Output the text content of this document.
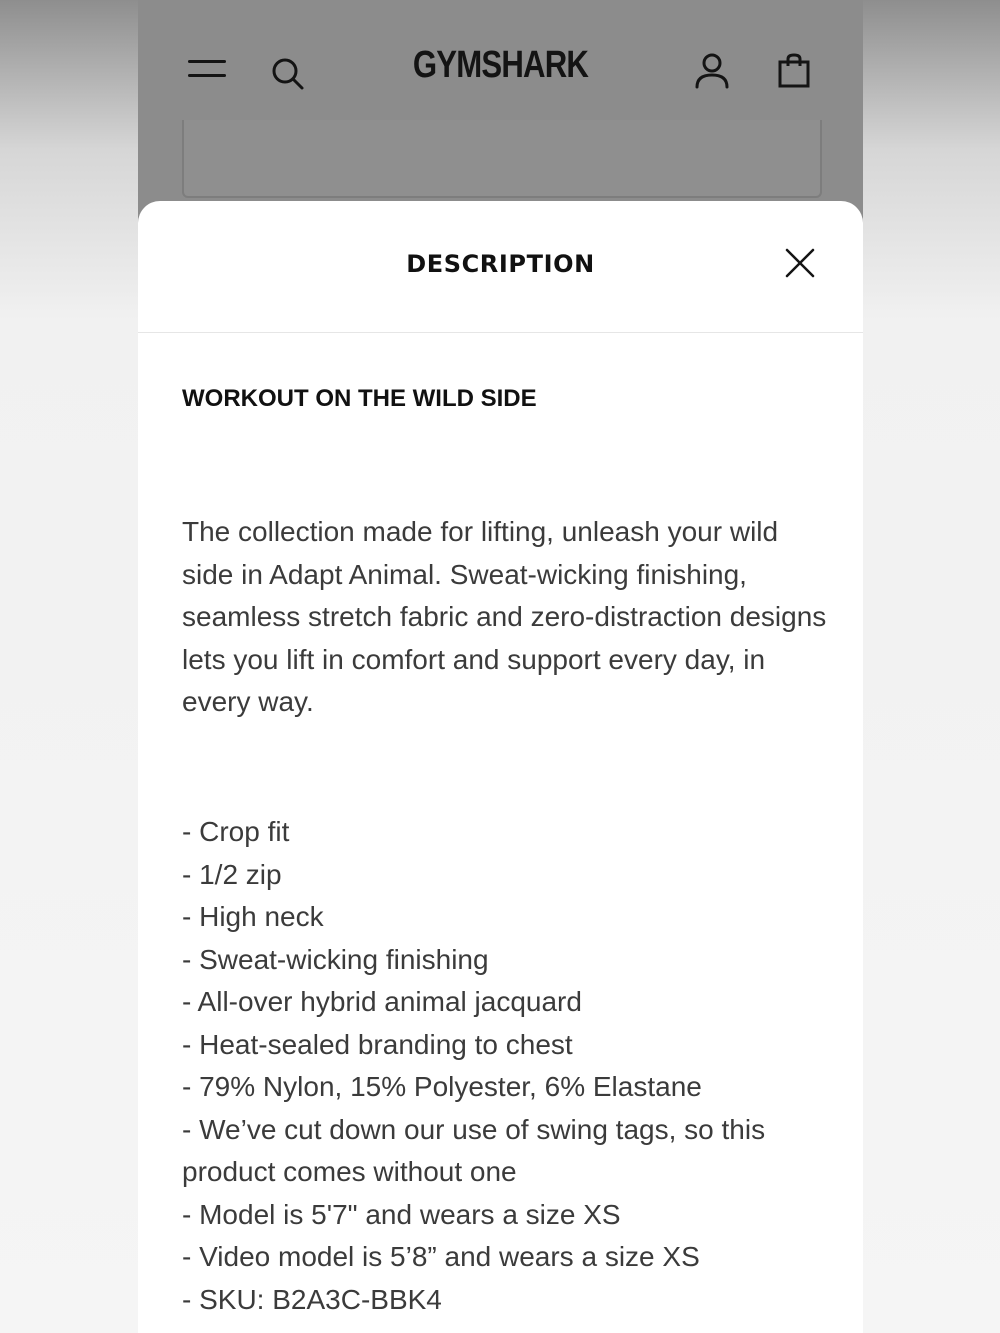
GYMSHARK
DESCRIPTION
WORKOUT ON THE WILD SIDE

The collection made for lifting, unleash your wild side in Adapt Animal. Sweat-wicking finishing, seamless stretch fabric and zero-distraction designs lets you lift in comfort and support every day, in every way.

- Crop fit
- 1/2 zip
- High neck
- Sweat-wicking finishing
- All-over hybrid animal jacquard
- Heat-sealed branding to chest
- 79% Nylon, 15% Polyester, 6% Elastane
- We’ve cut down our use of swing tags, so this product comes without one
- Model is 5'7" and wears a size XS
- Video model is 5’8” and wears a size XS
- SKU: B2A3C-BBK4
